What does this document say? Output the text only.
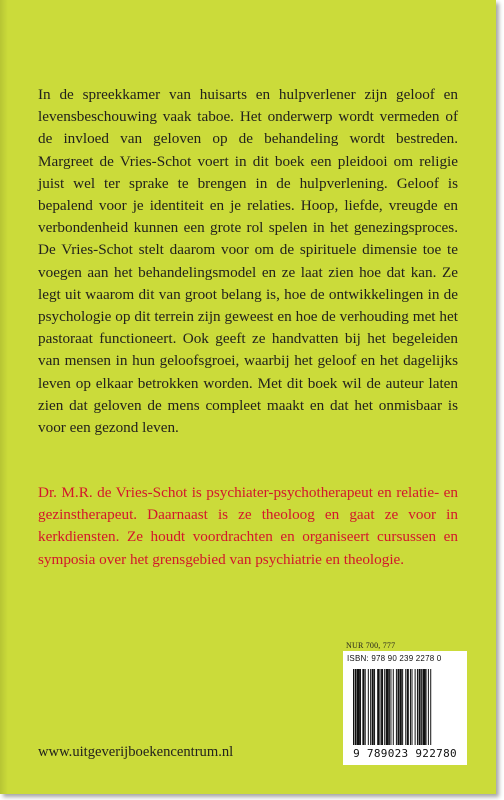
In de spreekkamer van huisarts en hulpverlener zijn geloof en levensbeschouwing vaak taboe. Het onderwerp wordt vermeden of de invloed van geloven op de behandeling wordt bestreden. Margreet de Vries-Schot voert in dit boek een pleidooi om religie juist wel ter sprake te brengen in de hulpverlening. Geloof is bepalend voor je identiteit en je relaties. Hoop, liefde, vreugde en verbondenheid kunnen een grote rol spelen in het genezingsproces. De Vries-Schot stelt daarom voor om de spirituele dimensie toe te voegen aan het behandelingsmodel en ze laat zien hoe dat kan. Ze legt uit waarom dit van groot belang is, hoe de ontwikkelingen in de psychologie op dit terrein zijn geweest en hoe de verhouding met het pastoraat functioneert. Ook geeft ze handvatten bij het begeleiden van mensen in hun geloofsgroei, waarbij het geloof en het dagelijks leven op elkaar betrokken worden. Met dit boek wil de auteur laten zien dat geloven de mens compleet maakt en dat het onmisbaar is voor een gezond leven.

Dr. M.R. de Vries-Schot is psychiater-psychotherapeut en relatie- en gezinstherapeut. Daarnaast is ze theoloog en gaat ze voor in kerkdiensten. Ze houdt voordrachten en organiseert cursussen en symposia over het grensgebied van psychiatrie en theologie.

NUR 700, 777
ISBN: 978 90 239 2278 0
9 789023 922780
www.uitgeverijboekencentrum.nl
